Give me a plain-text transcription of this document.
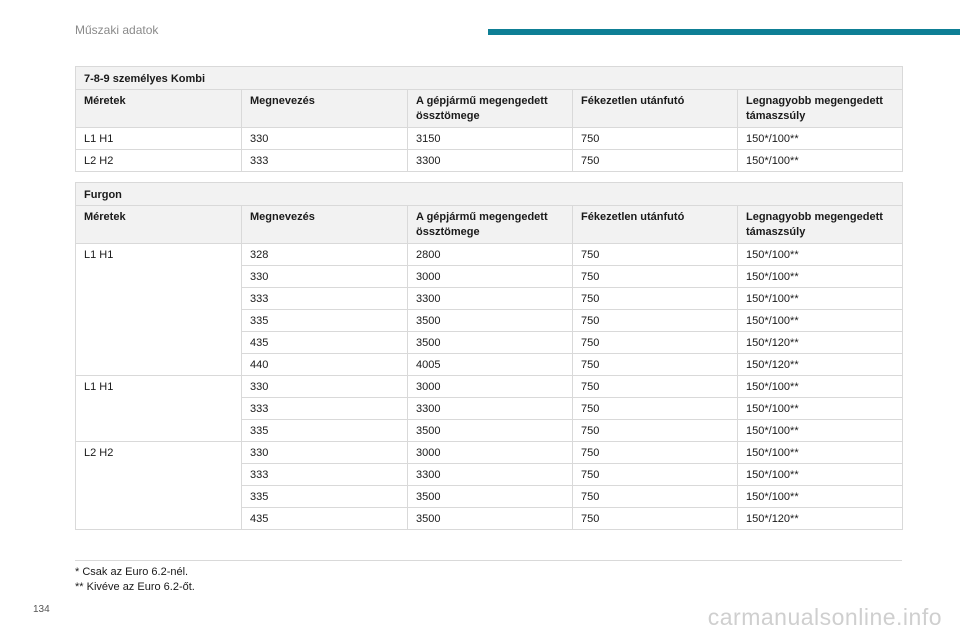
Műszaki adatok
7-8-9 személyes Kombi				
Méretek	Megnevezés	A gépjármű megengedett össztömege	Fékezetlen utánfutó	Legnagyobb megengedett támaszsúly
L1 H1	330	3150	750	150*/100**
L2 H2	333	3300	750	150*/100**
Furgon				
Méretek	Megnevezés	A gépjármű megengedett össztömege	Fékezetlen utánfutó	Legnagyobb megengedett támaszsúly
L1 H1	328	2800	750	150*/100**
	330	3000	750	150*/100**
	333	3300	750	150*/100**
	335	3500	750	150*/100**
	435	3500	750	150*/120**
	440	4005	750	150*/120**
L1 H1	330	3000	750	150*/100**
	333	3300	750	150*/100**
	335	3500	750	150*/100**
L2 H2	330	3000	750	150*/100**
	333	3300	750	150*/100**
	335	3500	750	150*/100**
	435	3500	750	150*/120**
* Csak az Euro 6.2-nél.
** Kivéve az Euro 6.2-őt.
134	carmanualsonline.info
